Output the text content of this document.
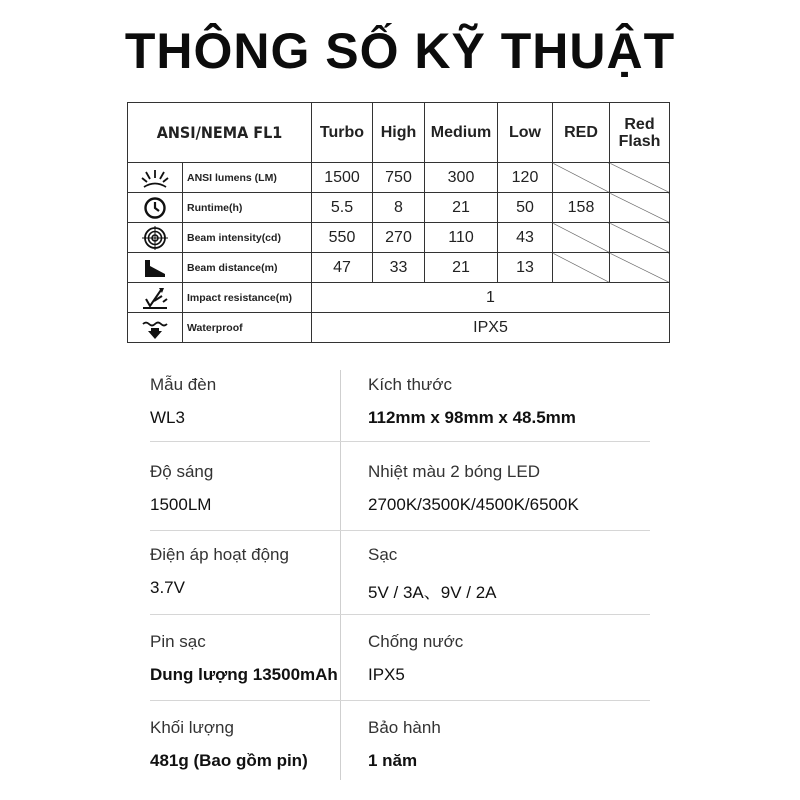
THÔNG SỐ KỸ THUẬT
ANSI/NEMA FL1		Turbo	High	Medium	Low	RED	Red Flash

	ANSI lumens (LM)	1500	750	300	120		

	Runtime(h)	5.5	8	21	50	158	

	Beam intensity(cd)	550	270	110	43		

	Beam distance(m)	47	33	21	13		

	Impact resistance(m)	1					

	Waterproof	IPX5					
Mẫu đèn
WL3
Kích thước
112mm x 98mm x 48.5mm
Độ sáng
1500LM
Nhiệt màu 2 bóng LED
2700K/3500K/4500K/6500K
Điện áp hoạt động
3.7V
Sạc
5V / 3A、9V / 2A
Pin sạc
Dung lượng 13500mAh
Chống nước
IPX5
Khối lượng
481g (Bao gồm pin)
Bảo hành
1 năm
